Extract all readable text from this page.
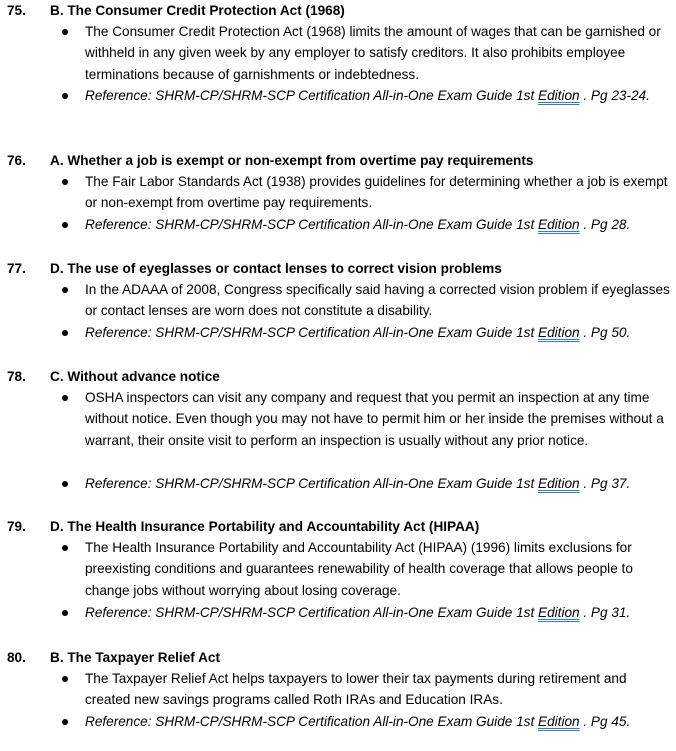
75. B. The Consumer Credit Protection Act (1968)
The Consumer Credit Protection Act (1968) limits the amount of wages that can be garnished or withheld in any given week by any employer to satisfy creditors. It also prohibits employee terminations because of garnishments or indebtedness.
Reference: SHRM-CP/SHRM-SCP Certification All-in-One Exam Guide 1st Edition . Pg 23-24.
76. A. Whether a job is exempt or non-exempt from overtime pay requirements
The Fair Labor Standards Act (1938) provides guidelines for determining whether a job is exempt or non-exempt from overtime pay requirements.
Reference: SHRM-CP/SHRM-SCP Certification All-in-One Exam Guide 1st Edition . Pg 28.
77. D. The use of eyeglasses or contact lenses to correct vision problems
In the ADAAA of 2008, Congress specifically said having a corrected vision problem if eyeglasses or contact lenses are worn does not constitute a disability.
Reference: SHRM-CP/SHRM-SCP Certification All-in-One Exam Guide 1st Edition . Pg 50.
78. C. Without advance notice
OSHA inspectors can visit any company and request that you permit an inspection at any time without notice. Even though you may not have to permit him or her inside the premises without a warrant, their onsite visit to perform an inspection is usually without any prior notice.
Reference: SHRM-CP/SHRM-SCP Certification All-in-One Exam Guide 1st Edition . Pg 37.
79. D. The Health Insurance Portability and Accountability Act (HIPAA)
The Health Insurance Portability and Accountability Act (HIPAA) (1996) limits exclusions for preexisting conditions and guarantees renewability of health coverage that allows people to change jobs without worrying about losing coverage.
Reference: SHRM-CP/SHRM-SCP Certification All-in-One Exam Guide 1st Edition . Pg 31.
80. B. The Taxpayer Relief Act
The Taxpayer Relief Act helps taxpayers to lower their tax payments during retirement and created new savings programs called Roth IRAs and Education IRAs.
Reference: SHRM-CP/SHRM-SCP Certification All-in-One Exam Guide 1st Edition . Pg 45.
